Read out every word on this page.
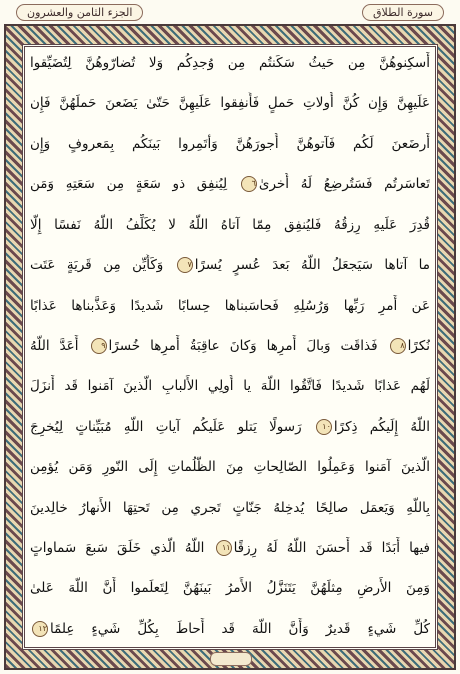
الجزء الثامن والعشرون	سورة الطلاق
أَسكِنوهُنَّ مِن حَيثُ سَكَنتُم مِن وُجدِكُم وَلا تُضارّوهُنَّ لِتُضَيِّقوا
عَلَيهِنَّ وَإِن كُنَّ أُولاتِ حَملٍ فَأَنفِقوا عَلَيهِنَّ حَتّىٰ يَضَعنَ حَملَهُنَّ فَإِن
أَرضَعنَ لَكُم فَآتوهُنَّ أُجورَهُنَّ وَأتَمِروا بَينَكُم بِمَعروفٍ وَإِن
تَعاسَرتُم فَسَتُرضِعُ لَهُ أُخرىٰ٦ لِيُنفِق ذو سَعَةٍ مِن سَعَتِهِ وَمَن
قُدِرَ عَلَيهِ رِزقُهُ فَليُنفِق مِمّا آتاهُ اللَّهُ لا يُكَلِّفُ اللَّهُ نَفسًا إِلّا
ما آتاها سَيَجعَلُ اللَّهُ بَعدَ عُسرٍ يُسرًا٧ وَكَأَيِّن مِن قَريَةٍ عَتَت
عَن أَمرِ رَبِّها وَرُسُلِهِ فَحاسَبناها حِسابًا شَديدًا وَعَذَّبناها عَذابًا
نُكرًا٨ فَذاقَت وَبالَ أَمرِها وَكانَ عاقِبَةُ أَمرِها خُسرًا٩ أَعَدَّ اللَّهُ
لَهُم عَذابًا شَديدًا فَاتَّقُوا اللَّهَ يا أُولِي الأَلبابِ الَّذينَ آمَنوا قَد أَنزَلَ
اللَّهُ إِلَيكُم ذِكرًا١٠ رَسولًا يَتلو عَلَيكُم آياتِ اللَّهِ مُبَيِّناتٍ لِيُخرِجَ
الَّذينَ آمَنوا وَعَمِلُوا الصّالِحاتِ مِنَ الظُّلُماتِ إِلَى النّورِ وَمَن يُؤمِن
بِاللَّهِ وَيَعمَل صالِحًا يُدخِلهُ جَنّاتٍ تَجري مِن تَحتِهَا الأَنهارُ خالِدينَ
فيها أَبَدًا قَد أَحسَنَ اللَّهُ لَهُ رِزقًا١١ اللَّهُ الَّذي خَلَقَ سَبعَ سَماواتٍ
وَمِنَ الأَرضِ مِثلَهُنَّ يَتَنَزَّلُ الأَمرُ بَينَهُنَّ لِتَعلَموا أَنَّ اللَّهَ عَلىٰ
كُلِّ شَيءٍ قَديرٌ وَأَنَّ اللَّهَ قَد أَحاطَ بِكُلِّ شَيءٍ عِلمًا١٢
